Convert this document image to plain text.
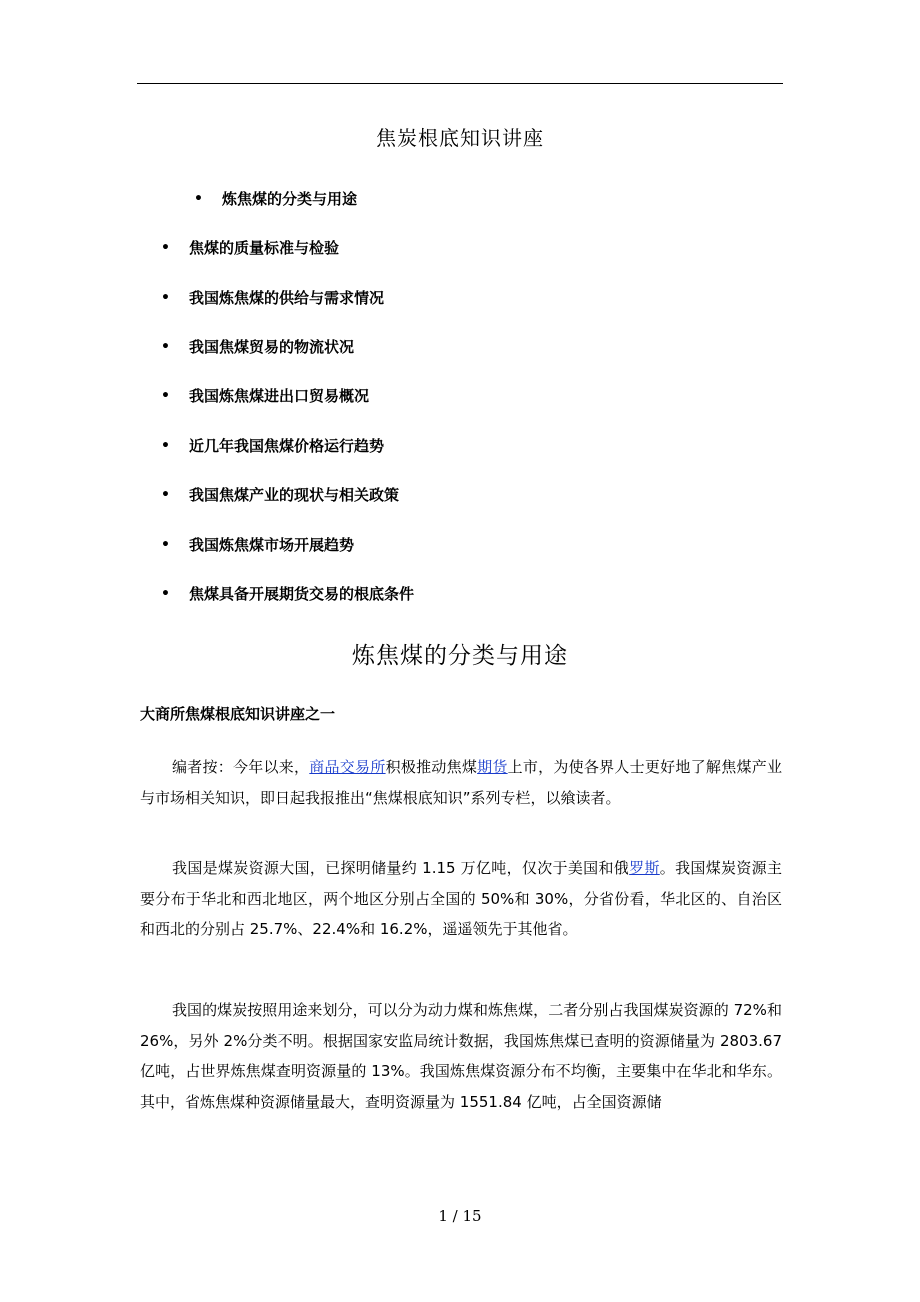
焦炭根底知识讲座
• 炼焦煤的分类与用途
• 焦煤的质量标准与检验
• 我国炼焦煤的供给与需求情况
• 我国焦煤贸易的物流状况
• 我国炼焦煤进出口贸易概况
• 近几年我国焦煤价格运行趋势
• 我国焦煤产业的现状与相关政策
• 我国炼焦煤市场开展趋势
• 焦煤具备开展期货交易的根底条件
炼焦煤的分类与用途
大商所焦煤根底知识讲座之一

编者按：今年以来，商品交易所积极推动焦煤期货上市，为使各界人士更好地了解焦煤产业与市场相关知识，即日起我报推出“焦煤根底知识”系列专栏，以飨读者。

我国是煤炭资源大国，已探明储量约 1.15 万亿吨，仅次于美国和俄罗斯。我国煤炭资源主要分布于华北和西北地区，两个地区分别占全国的 50%和 30%，分省份看，华北区的、自治区和西北的分别占 25.7%、22.4%和 16.2%，遥遥领先于其他省。

我国的煤炭按照用途来划分，可以分为动力煤和炼焦煤，二者分别占我国煤炭资源的 72%和 26%，另外 2%分类不明。根据国家安监局统计数据，我国炼焦煤已查明的资源储量为 2803.67 亿吨，占世界炼焦煤查明资源量的 13%。我国炼焦煤资源分布不均衡，主要集中在华北和华东。其中，省炼焦煤种资源储量最大，查明资源量为 1551.84 亿吨，占全国资源储

1 / 15
